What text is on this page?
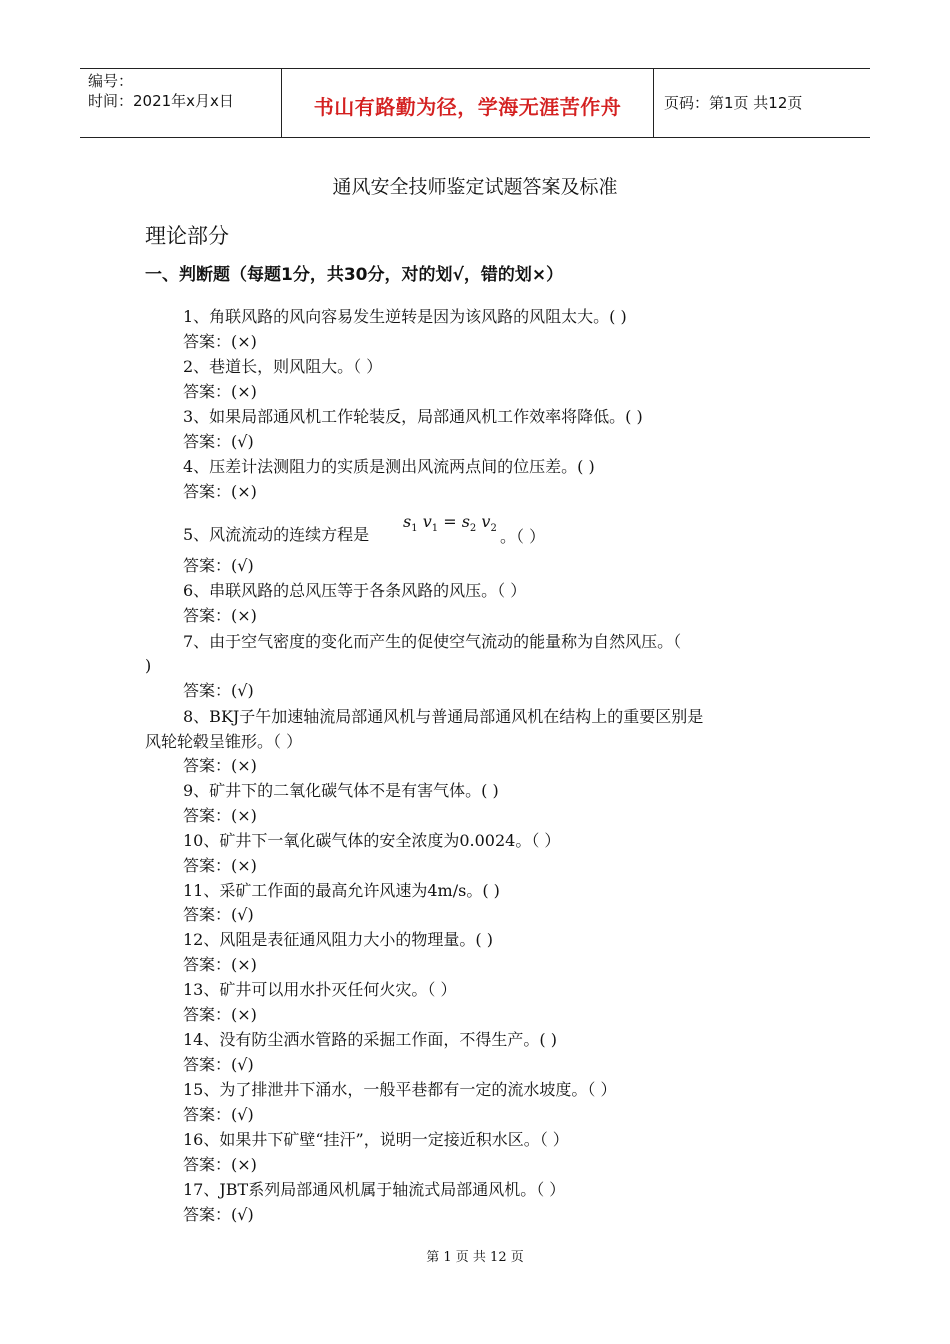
编号：
时间：2021年x月x日	书山有路勤为径，学海无涯苦作舟	页码：第1页 共12页
通风安全技师鉴定试题答案及标准
理论部分
一、判断题（每题1分，共30分，对的划√，错的划×）
1、角联风路的风向容易发生逆转是因为该风路的风阻太大。( )
答案：(×)
2、巷道长，则风阻大。（ ）
答案：(×)
3、如果局部通风机工作轮装反，局部通风机工作效率将降低。( )
答案：(√)
4、压差计法测阻力的实质是测出风流两点间的位压差。( )
答案：(×)
5、风流流动的连续方程是
$s_1$ $v_1 = s_2$ $v_2$ 。（ ）
答案：(√)
6、串联风路的总风压等于各条风路的风压。（ ）
答案：(×)
7、由于空气密度的变化而产生的促使空气流动的能量称为自然风压。（
)
答案：(√)
8、BKJ子午加速轴流局部通风机与普通局部通风机在结构上的重要区别是
风轮轮毂呈锥形。（ ）
答案：(×)
9、矿井下的二氧化碳气体不是有害气体。( )
答案：(×)
10、矿井下一氧化碳气体的安全浓度为0.0024。（ ）
答案：(×)
11、采矿工作面的最高允许风速为4m/s。( )
答案：(√)
12、风阻是表征通风阻力大小的物理量。( )
答案：(×)
13、矿井可以用水扑灭任何火灾。（ ）
答案：(×)
14、没有防尘洒水管路的采掘工作面，不得生产。( )
答案：(√)
15、为了排泄井下涌水，一般平巷都有一定的流水坡度。（ ）
答案：(√)
16、如果井下矿壁“挂汗”，说明一定接近积水区。（ ）
答案：(×)
17、JBT系列局部通风机属于轴流式局部通风机。（ ）
答案：(√)
第 1 页 共 12 页
